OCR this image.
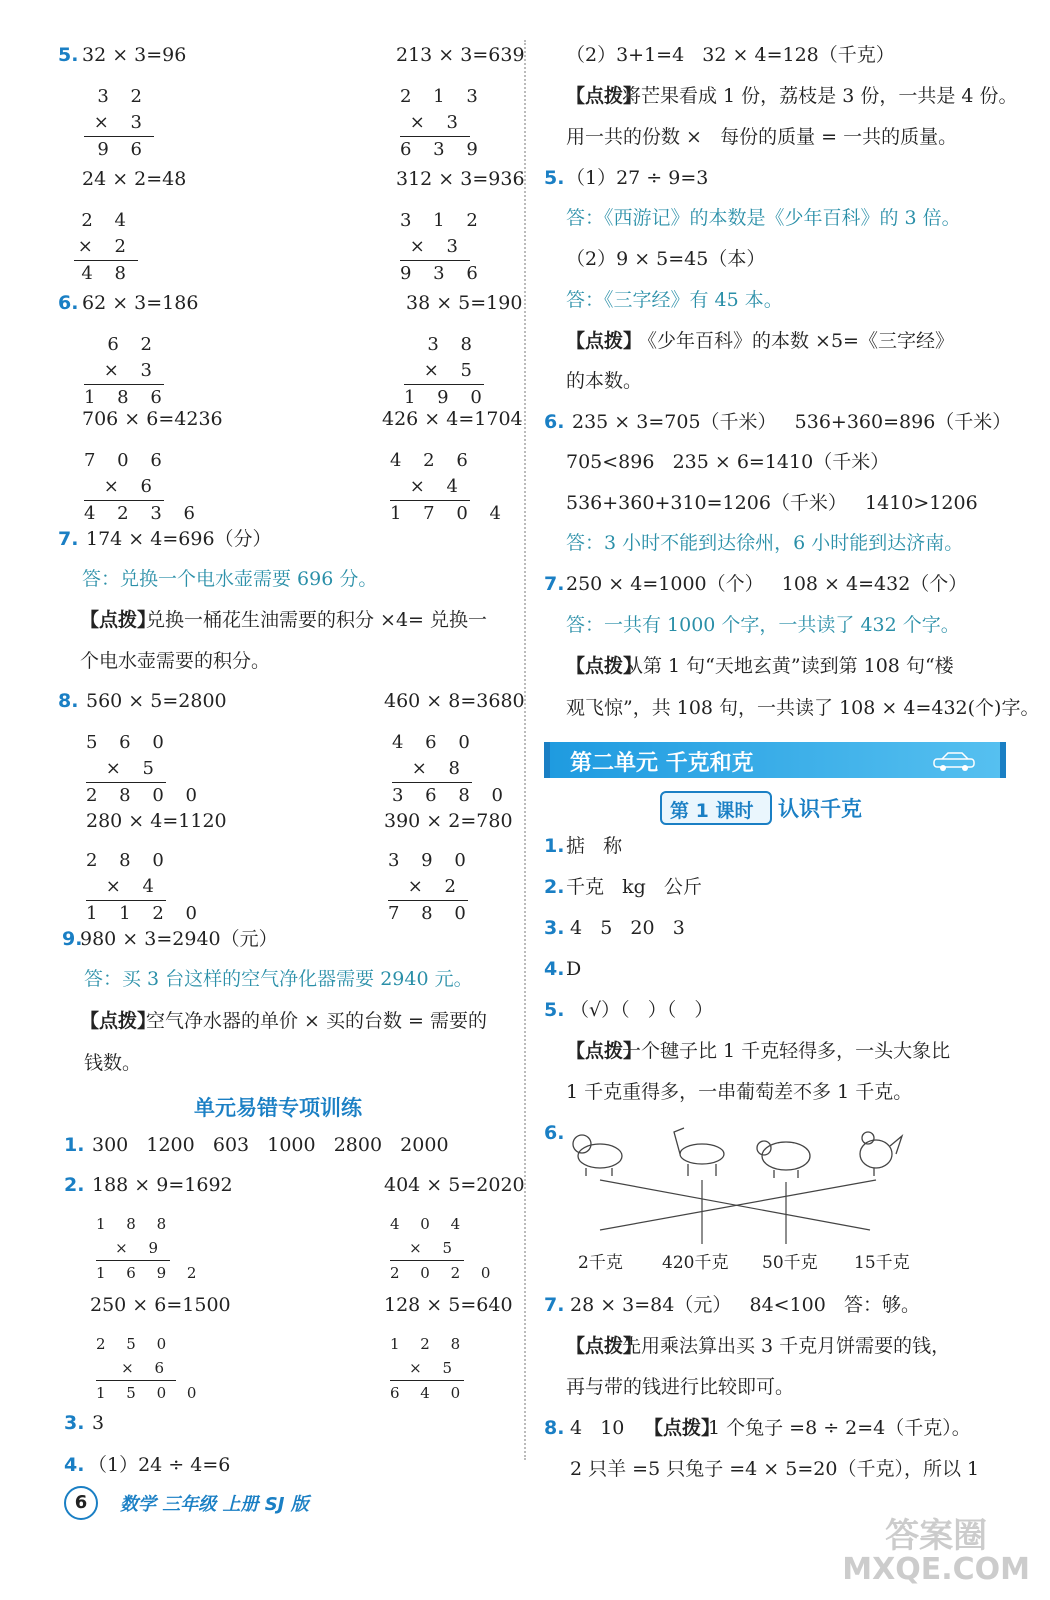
5. 32 × 3=96	213 × 3=639
3 2
× 3
9 6
2 1 3
× 3
6 3 9
24 × 2=48	312 × 3=936
2 4
× 2
4 8
3 1 2
× 3
9 3 6
6. 62 × 3=186	38 × 5=190
6 2
× 3
1 8 6
3 8
× 5
1 9 0
706 × 6=4236	426 × 4=1704
7 0 6
× 6
4 2 3 6
4 2 6
× 4
1 7 0 4
7. 174 × 4=696（分）
答：兑换一个电水壶需要 696 分。
【点拨】
兑换一桶花生油需要的积分 ×4= 兑换一
个电水壶需要的积分。
8. 560 × 5=2800	460 × 8=3680
5 6 0
× 5
2 8 0 0
4 6 0
× 8
3 6 8 0
280 × 4=1120	390 × 2=780
2 8 0
× 4
1 1 2 0
3 9 0
× 2
7 8 0
9.
980 × 3=2940（元）
答：买 3 台这样的空气净化器需要 2940 元。
【点拨】
空气净水器的单价 × 买的台数 = 需要的
钱数。
单元易错专项训练
1. 300   1200   603   1000   2800   2000
2. 188 × 9=1692	404 × 5=2020
1 8 8
× 9
1 6 9 2
4 0 4
× 5
2 0 2 0
250 × 6=1500	128 × 5=640
2 5 0
× 6
1 5 0 0
1 2 8
× 5
6 4 0
3. 3
4. （1）24 ÷ 4=6
6	数学 三年级 上册 SJ 版
（2）3+1=4   32 × 4=128（千克）
【点拨】
将芒果看成 1 份，荔枝是 3 份，一共是 4 份。
用一共的份数 ×   每份的质量 = 一共的质量。
5. （1）27 ÷ 9=3
答：《西游记》的本数是《少年百科》的 3 倍。
（2）9 × 5=45（本）
答：《三字经》有 45 本。
【点拨】
《少年百科》的本数 ×5=《三字经》
的本数。
6. 235 × 3=705（千米）   536+360=896（千米）
705<896   235 × 6=1410（千米）
536+360+310=1206（千米）   1410>1206
答：3 小时不能到达徐州，6 小时能到达济南。
7. 250 × 4=1000（个）   108 × 4=432（个）
答：一共有 1000 个字，一共读了 432 个字。
【点拨】
从第 1 句“天地玄黄”读到第 108 句“楼
观飞惊”，共 108 句，一共读了 108 × 4=432(个)字。
第二单元 千克和克
第 1 课时 认识千克
1. 掂   称
2. 千克   kg   公斤
3. 4   5   20   3
4. D
5. （√）（   ）（   ）
【点拨】
一个毽子比 1 千克轻得多，一头大象比
1 千克重得多，一串葡萄差不多 1 千克。
6.
2千克 420千克 50千克 15千克
7. 28 × 3=84（元）   84<100   答：够。
【点拨】
先用乘法算出买 3 千克月饼需要的钱，
再与带的钱进行比较即可。
8. 4   10 【点拨】
1 个兔子 =8 ÷ 2=4（千克）。
2 只羊 =5 只兔子 =4 × 5=20（千克），所以 1
答案圈
MXQE.COM
